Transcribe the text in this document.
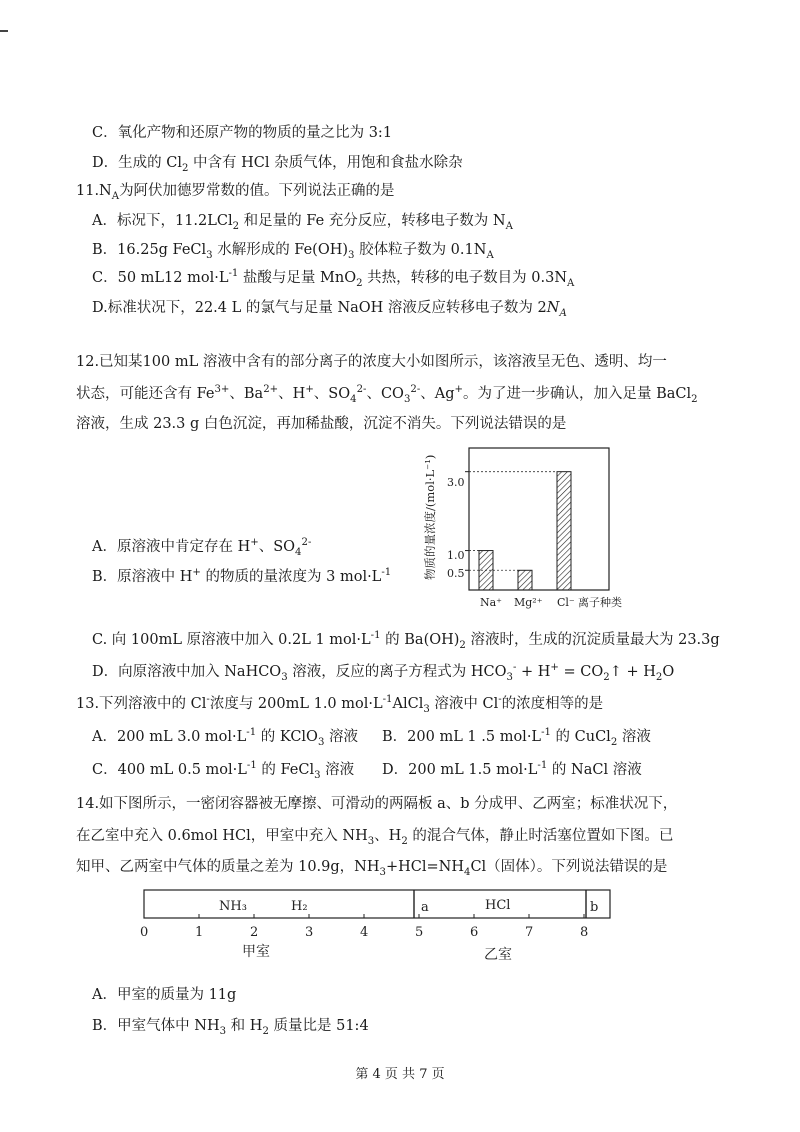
C．氧化产物和还原产物的物质的量之比为 3:1
D．生成的 $Cl_2$ 中含有 HCl 杂质气体，用饱和食盐水除杂
$11.N_A$为阿伏加德罗常数的值。下列说法正确的是
A．标况下，11.2LCl$_2$ 和足量的 Fe 充分反应，转移电子数为 $N_A$
B．16.25g FeCl$_3$ 水解形成的 $Fe(OH)_3$ 胶体粒子数为 $0.1N_A$
C．50 mL12 $mol\cdot L^{-1}$ 盐酸与足量 MnO$_2$ 共热，转移的电子数目为 $0.3N_A$
D.标准状况下，22.4 L 的氯气与足量 NaOH 溶液反应转移电子数为 $2N_A$
12.已知某100 mL 溶液中含有的部分离子的浓度大小如图所示，该溶液呈无色、透明、均一
状态，可能还含有 $Fe^{3+}$、$Ba^{2+}$、H+、$SO_4^{2-}$、$CO_3^{2-}$、Ag+。为了进一步确认，加入足量 BaCl$_2$
溶液，生成 23.3 g 白色沉淀，再加稀盐酸，沉淀不消失。下列说法错误的是
0.5
1.0
3.0
物质的量浓度/(mol·L⁻¹)
Na⁺ Mg²⁺ Cl⁻ 离子种类
A．原溶液中肯定存在 H+、$SO_4^{2-}$
B．原溶液中 H+ 的物质的量浓度为 3 $mol\cdot L^{-1}$
C. 向 100mL 原溶液中加入 0.2L 1 $mol\cdot L^{-1}$ 的 $Ba(OH)_2$ 溶液时，生成的沉淀质量最大为 23.3g
D．向原溶液中加入 NaHCO$_3$ 溶液，反应的离子方程式为 $HCO_3^- + H^+$ = $CO_2↑ + H_2O$
13.下列溶液中的 Cl-浓度与 200mL 1.0 $mol\cdot L^{-1}AlCl_3$ 溶液中 Cl-的浓度相等的是
A．200 mL 3.0 $mol\cdot L^{-1}$ 的 KClO$_3$ 溶液 B．200 mL 1 .5 $mol\cdot L^{-1}$ 的 CuCl$_2$ 溶液
C．400 mL 0.5 $mol\cdot L^{-1}$ 的 FeCl$_3$ 溶液 D．200 mL 1.5 $mol\cdot L^{-1}$ 的 NaCl 溶液
14.如下图所示，一密闭容器被无摩擦、可滑动的两隔板 a、b 分成甲、乙两室；标准状况下，
在乙室中充入 0.6mol HCl，甲室中充入 $NH_3$、$H_2$ 的混合气体，静止时活塞位置如下图。已
知甲、乙两室中气体的质量之差为 10.9g，$NH_3+HCl=NH_4Cl$（固体）。下列说法错误的是
0	1	2	3	4	5	6	7	8
NH₃	H₂	HCl
a	b
甲室	乙室
A．甲室的质量为 11g
B．甲室气体中 $NH_3$ 和 $H_2$ 质量比是 51:4
第 4 页 共 7 页
